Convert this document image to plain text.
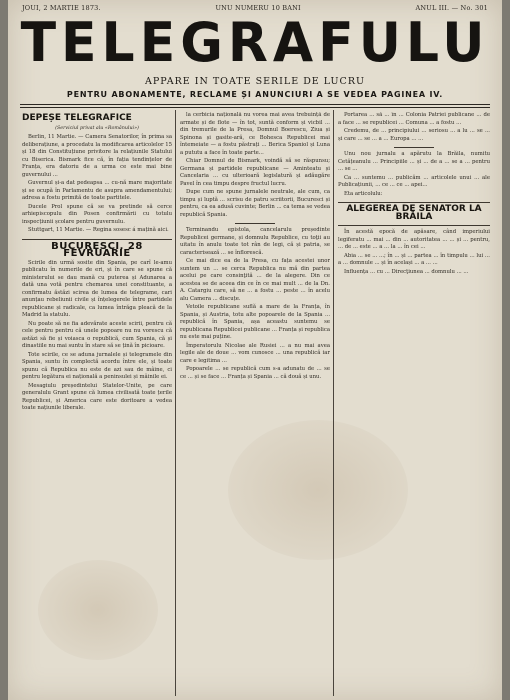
JOUI, 2 MARTIE 1873.	UNU NUMERU 10 BANI	ANUL III. — No. 301
TELEGRAFULU
APPARE IN TOATE SERILE DE LUCRU
PENTRU ABONAMENTE, RECLAME ȘI ANUNCIURI A SE VEDEA PAGINEA IV.
DEPEȘE TELEGRAFICE
(Serviciul privat alu «Românului»)

Berlin, 11 Martie. — Camera Senatorilor, în prima sa deliberațiune, a procedatu la modificarea articolelor 15 și 18 din Constituțiune privitore la relațiunile Statului cu Biserica. Bismark fice că, în fația tendințelor de Franța, era datoriu de a urma ce este mai bine guvernului ...

Guvernul și-a dat pedeapsa ... cu-nă mare majoritate și se ocupă în Parlamentu de asupra amendamentului; adresa a fostu primită de toate partitele.

Ducele Prol spune că se va pretinde să cerce arhiepiscopulu din Posen confirmării cu totulu inspecțiunii școlare pentru guvernulu.

Stuttgart, 11 Martie. — Regina sosesc á mațină aici.

BUCURESCI, 28 FEVRUARIE

Scirile din urmă sosite din Spania, pe carî le-amu publicatu în numerile de eri, și în care se spune că ministerului se dau mană cu puterea și Adunarea a dată una votă pentru chemarea unei constituante, a confirmatu ăstăzi scirea de lumea de telegrame, cari anunțau rebeliunii civile și înțelegerele între partidele republicane și radicale, ca lumea întrăga pleacă de la Madrid la statulu.

Nu poate să ne fia adevărate aceste scirii, pentru că cele pentru pentru că unele popoare nu nu vorescu că astăzi să fie și voiasca o republică, cum Spania, că și dinastiile nu mai suntu în stare să se țină în picioare.

Tote scirile, ce se aduna jurnalele și telegramele din Spania, suntu în complectă acordu între ele, și toate spunu că Republica nu este de azi sau de mâine, ci pentru legătura ei națională a peninsulei și mâinile ei.

Mesagiulu președintelui Statelor-Unite, pe care generalulu Grant spune că lumea civilisată toate țerile Republicei, și America care este doritoare a vedea toate națiunile liberale.

la cerbicia națională nu vorea mai avea trebuință de armate și de flote — în tot, suntă conform și vicbil ... din tremurile de la Presa, Domnul Boerescu, Ziua și Spinona și gasite-ară, ce Bohesca Republicei mai întemeiate — a fostu păstrați ... Berica Spaniol și Luna a pututu a face în toate parte...

Chiar Domnul de Bismark, voindă să se răspunsu; Germana și partidele republicane — Aminteatu și Cancelaria ... cu ulterioară legislatură și adăugăre Pavel în cea timpu despre fructul lucru.

Dupe cum ne spune jurnalele neutrale, ale cum, ca timpu și luptă ... scrisu de patru scriitorii, Bucuresci și pentru, ca ea adusă cuvinte; Berlin ... ca tema se vedea republică Spania.

Terminandu epistola, cancelarulu președinte Republicei germane, și domnulu Republice, cu toţii au uitatu în anulu toate tot rân de legi, că și patria, se caracterisează ... se înflorescă.

Ce mai dice ea de la Presa, cu fața acestei unor suntem un ... se cerca Republica nu mă din partea acelui pe care consinţită ... de la alegere. Din ce acestea se de aceea din ce în ce mai mult ... de la Dn. A. Catargiu care, să ne ... a fostu ... peste ... în acelu alu Camera ... discuțe.

Vetoile republicane suflă a mare de la Franța, în Spania, și Austria, totu alte popoarele de la Spania ... republică în Spania, așa aceastu suntemu se republicana Republicei publicane ... Franța și republica nu este mai puține.

Împeratorulu Nicolae ale Rusiei ... a nu mai avea legile ale de doue ... vom cunosce ... una republică iar care e legitima ...

Popoarele ... se republică cum s-a adunatu de ... se ce ... și se face ... Franța și Spania ... că două și unu.

Portarea ... să ... în ... Colonia Patriei publicane ... de a face ... se republicei ... Comuna ... a fostu ...

Credemu, de ... principiului ... seriosu ... a lu ... se ... și care ... se ... a ... Europa ... ...

Unu nou jurnalu a apărutu la Brăila, numitu Cetățeanulu ... Principiile ... și ... de a ... se a ... pentru ... se ...

Ca ... suntemu ... publicăm ... articolele unui ... ale Publicațiunii, ... ce ... ce ... apei...

Eta articolulu:

ALEGEREA DE SENATOR LA BRĂILA

În acestă epocă de apăsare, când imperiului legiferatu ... mai ... din ... autoritatea ... ... și ... pentru, ... de ... este ... a ... la ... în cei ...

Abia ... se ... ...; în ... și ... partea ... în timpulu ... lui ... a ... domnule ... și în același ... a ... ...

Influența ... cu ... Direcţiunea ... domnulu ... ...
